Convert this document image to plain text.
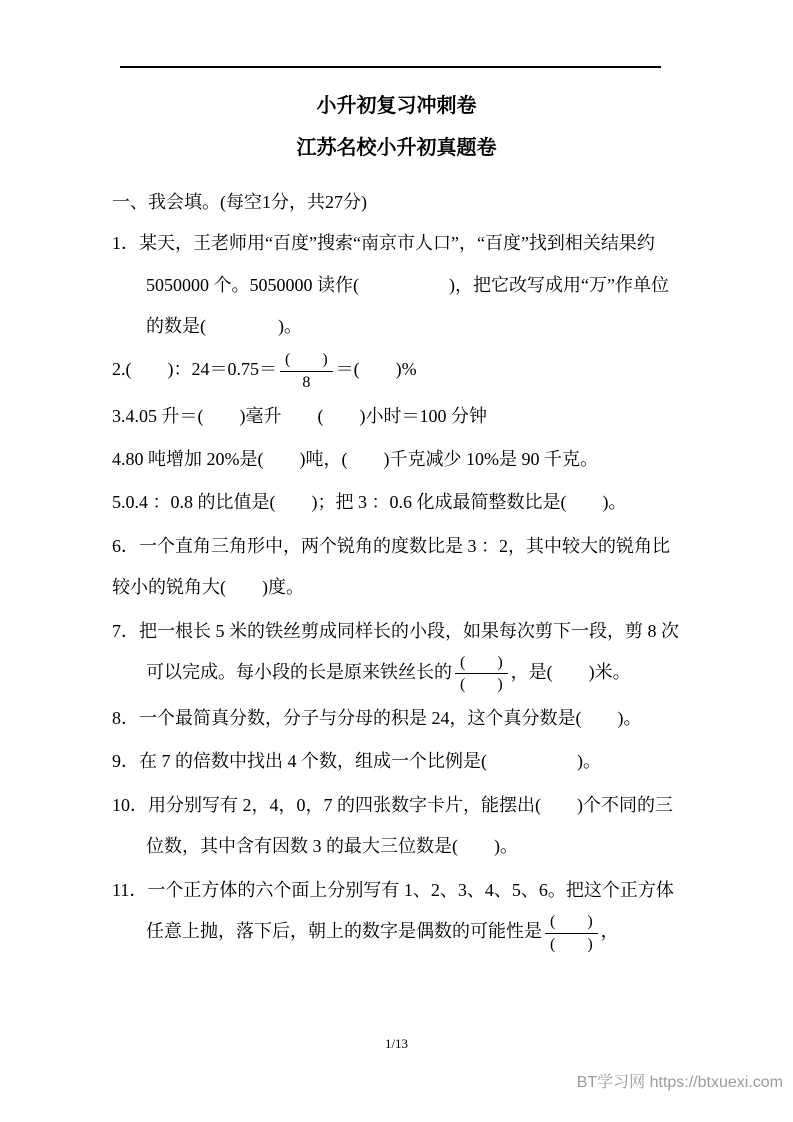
小升初复习冲刺卷
江苏名校小升初真题卷
一、我会填。(每空1分，共27分)
1．某天，王老师用“百度”搜索“南京市人口”，“百度”找到相关结果约 5050000 个。5050000 读作(　　　　　)，把它改写成用“万”作单位的数是(　　　　)。
2.(　　)：$24=0.75= \frac{( )}{8}$ ＝(　　)%
3.4.05 升＝(　　)毫升　　(　　)小时＝100 分钟
4.80 吨增加 20%是(　　)吨，(　　)千克减少 10%是 90 千克。
5.0.4 ：0.8 的比值是(　　)；把 3 ：0.6 化成最简整数比是(　　)。
6．一个直角三角形中，两个锐角的度数比是 3 ：2，其中较大的锐角比较小的锐角大(　　)度。
7．把一根长 5 米的铁丝剪成同样长的小段，如果每次剪下一段，剪 8 次可以完成。每小段的长是原来铁丝长的 $\frac{( )}{( )}$ ，是(　　)米。
8．一个最简真分数，分子与分母的积是 24，这个真分数是(　　)。
9．在 7 的倍数中找出 4 个数，组成一个比例是(　　　　　)。
10．用分别写有 2，4，0，7 的四张数字卡片，能摆出(　　)个不同的三位数，其中含有因数 3 的最大三位数是(　　)。
11．一个正方体的六个面上分别写有 1、2、3、4、5、6。把这个正方体任意上抛，落下后，朝上的数字是偶数的可能性是 $\frac{( )}{( )}$ ，
1/13
BT学习网 https://btxuexi.com
